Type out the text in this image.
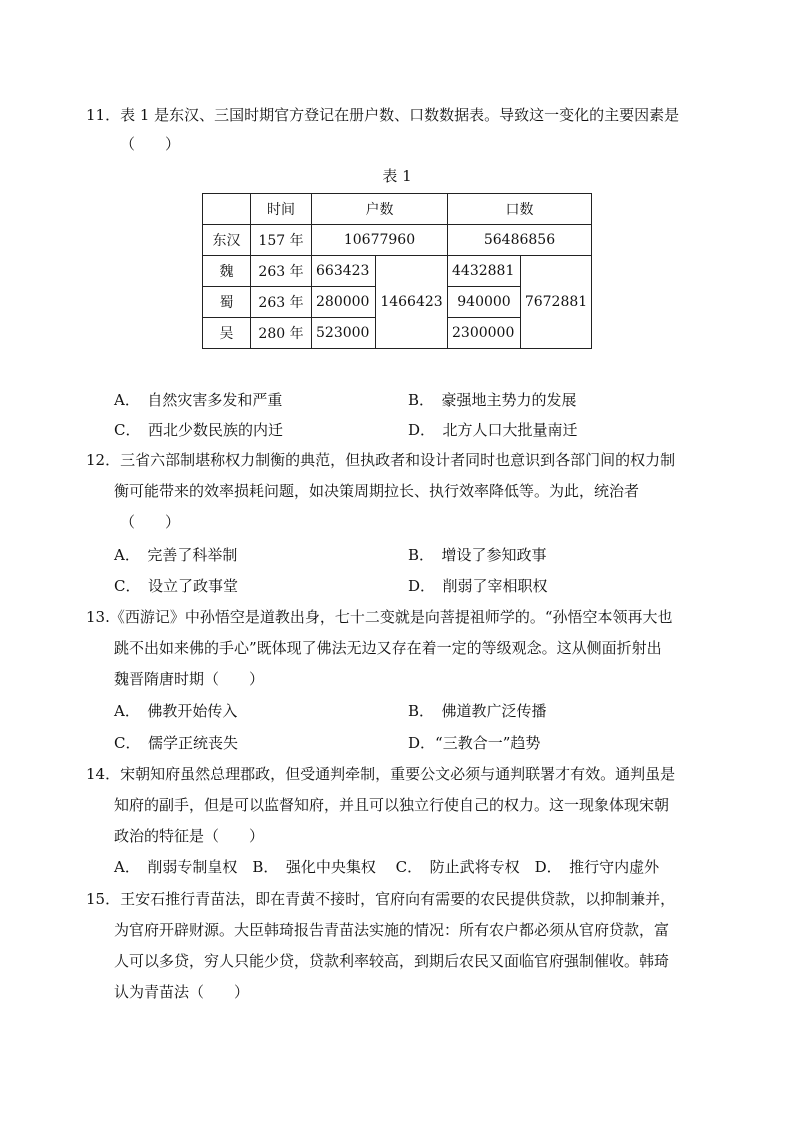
11．表 1 是东汉、三国时期官方登记在册户数、口数数据表。导致这一变化的主要因素是
（　　）
表 1
	时间	户数		口数	
东汉	157 年	10677960		56486856	
魏	263 年	663423	1466423	4432881	7672881
蜀	263 年	280000		940000	
吴	280 年	523000		2300000	
A．　自然灾害多发和严重	B．　豪强地主势力的发展
C．　西北少数民族的内迁	D．　北方人口大批量南迁
12．三省六部制堪称权力制衡的典范，但执政者和设计者同时也意识到各部门间的权力制
衡可能带来的效率损耗问题，如决策周期拉长、执行效率降低等。为此，统治者
（　　）
A．　完善了科举制	B．　增设了参知政事
C．　设立了政事堂	D．　削弱了宰相职权
13.《西游记》中孙悟空是道教出身，七十二变就是向菩提祖师学的。“孙悟空本领再大也
跳不出如来佛的手心”既体现了佛法无边又存在着一定的等级观念。这从侧面折射出
魏晋隋唐时期（　　）
A．　佛教开始传入	B．　佛道教广泛传播
C．　儒学正统丧失	D．“三教合一”趋势
14．宋朝知府虽然总理郡政，但受通判牵制，重要公文必须与通判联署才有效。通判虽是
知府的副手，但是可以监督知府，并且可以独立行使自己的权力。这一现象体现宋朝
政治的特征是（　　）
A．　削弱专制皇权　B．　强化中央集权　 C．　防止武将专权　D．　推行守内虚外
15．王安石推行青苗法，即在青黄不接时，官府向有需要的农民提供贷款，以抑制兼并，
为官府开辟财源。大臣韩琦报告青苗法实施的情况：所有农户都必须从官府贷款，富
人可以多贷，穷人只能少贷，贷款利率较高，到期后农民又面临官府强制催收。韩琦
认为青苗法（　　）
